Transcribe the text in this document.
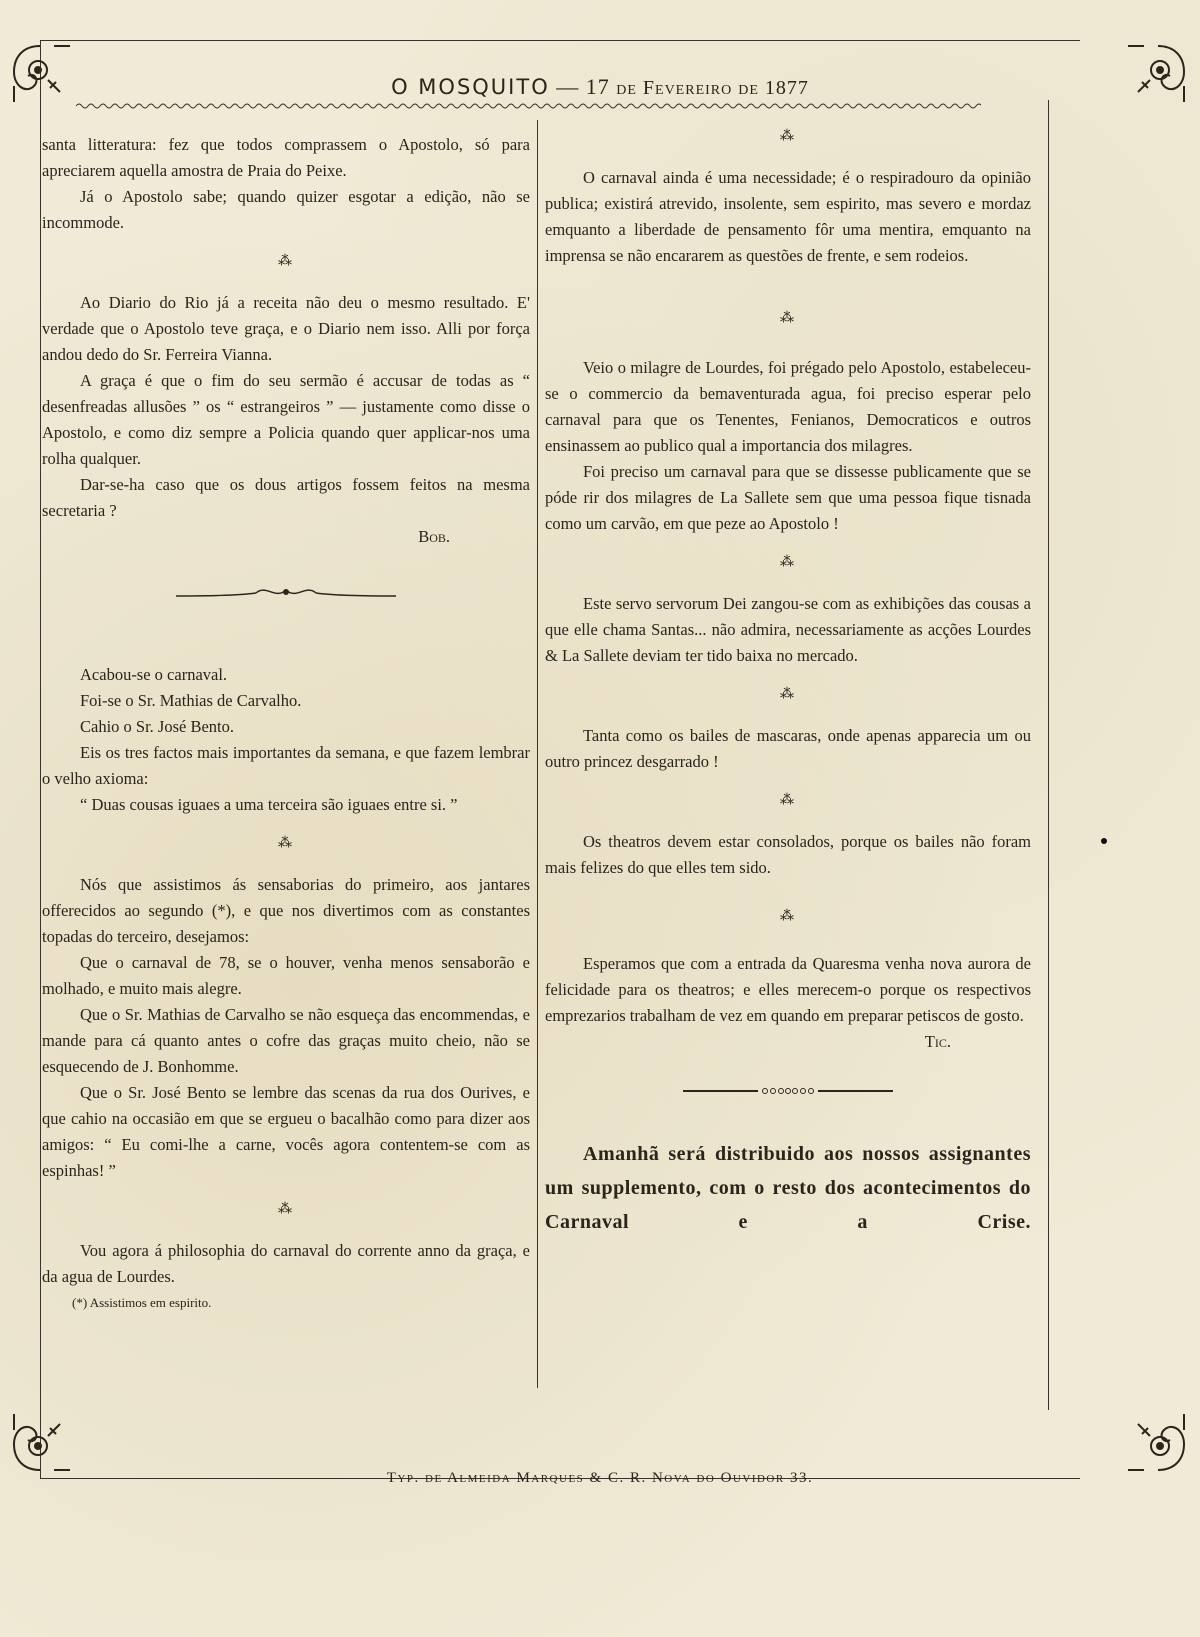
O MOSQUITO — 17 de Fevereiro de 1877

santa litteratura: fez que todos comprassem o Apostolo, só para apreciarem aquella amostra de Praia do Peixe.

Já o Apostolo sabe; quando quizer esgotar a edição, não se incommode.

⁂

Ao Diario do Rio já a receita não deu o mesmo resultado. E' verdade que o Apostolo teve graça, e o Diario nem isso. Alli por força andou dedo do Sr. Ferreira Vianna.

A graça é que o fim do seu sermão é accusar de todas as “ desenfreadas allusões ” os “ estrangeiros ” — justamente como disse o Apostolo, e como diz sempre a Policia quando quer applicar-nos uma rolha qualquer.

Dar-se-ha caso que os dous artigos fossem feitos na mesma secretaria ?

Bob.

Acabou-se o carnaval.

Foi-se o Sr. Mathias de Carvalho.

Cahio o Sr. José Bento.

Eis os tres factos mais importantes da semana, e que fazem lembrar o velho axioma:

“ Duas cousas iguaes a uma terceira são iguaes entre si. ”

⁂

Nós que assistimos ás sensaborias do primeiro, aos jantares offerecidos ao segundo (*), e que nos divertimos com as constantes topadas do terceiro, desejamos:

Que o carnaval de 78, se o houver, venha menos sensaborão e molhado, e muito mais alegre.

Que o Sr. Mathias de Carvalho se não esqueça das encommendas, e mande para cá quanto antes o cofre das graças muito cheio, não se esquecendo de J. Bonhomme.

Que o Sr. José Bento se lembre das scenas da rua dos Ourives, e que cahio na occasião em que se ergueu o bacalhão como para dizer aos amigos: “ Eu comi-lhe a carne, vocês agora contentem-se com as espinhas! ”

⁂

Vou agora á philosophia do carnaval do corrente anno da graça, e da agua de Lourdes.

(*) Assistimos em espirito.

⁂

O carnaval ainda é uma necessidade; é o respiradouro da opinião publica; existirá atrevido, insolente, sem espirito, mas severo e mordaz emquanto a liberdade de pensamento fôr uma mentira, emquanto na imprensa se não encararem as questões de frente, e sem rodeios.

⁂

Veio o milagre de Lourdes, foi prégado pelo Apostolo, estabeleceu-se o commercio da bemaventurada agua, foi preciso esperar pelo carnaval para que os Tenentes, Fenianos, Democraticos e outros ensinassem ao publico qual a importancia dos milagres.

Foi preciso um carnaval para que se dissesse publicamente que se póde rir dos milagres de La Sallete sem que uma pessoa fique tisnada como um carvão, em que peze ao Apostolo !

⁂

Este servo servorum Dei zangou-se com as exhibições das cousas a que elle chama Santas... não admira, necessariamente as acções Lourdes & La Sallete deviam ter tido baixa no mercado.

⁂

Tanta como os bailes de mascaras, onde apenas apparecia um ou outro princez desgarrado !

⁂

Os theatros devem estar consolados, porque os bailes não foram mais felizes do que elles tem sido.

⁂

Esperamos que com a entrada da Quaresma venha nova aurora de felicidade para os theatros; e elles merecem-o porque os respectivos emprezarios trabalham de vez em quando em preparar petiscos de gosto.

Tic.

Amanhã será distribuido aos nossos assignantes um supplemento, com o resto dos acontecimentos do Carnaval e a Crise.

Typ. de Almeida Marques & C. R. Nova do Ouvidor 33.
